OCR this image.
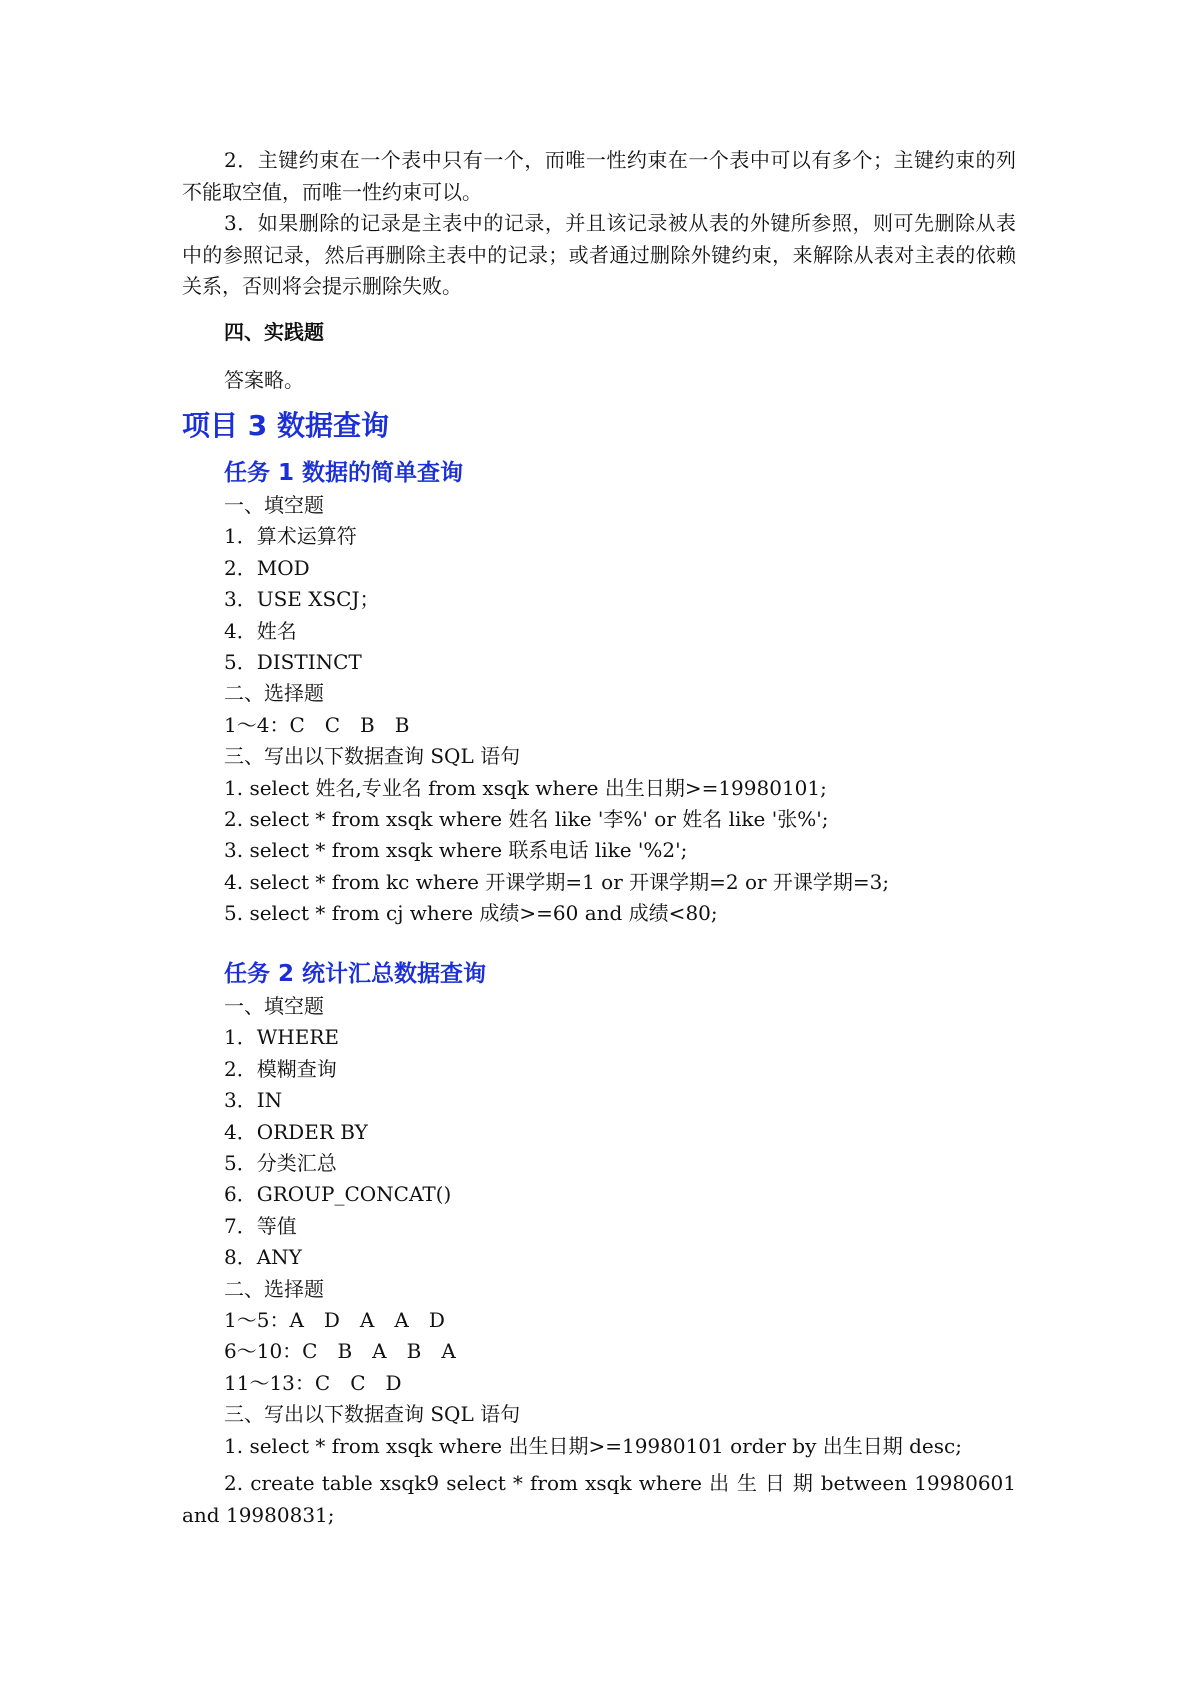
2．主键约束在一个表中只有一个，而唯一性约束在一个表中可以有多个；主键约束的列不能取空值，而唯一性约束可以。

3．如果删除的记录是主表中的记录，并且该记录被从表的外键所参照，则可先删除从表中的参照记录，然后再删除主表中的记录；或者通过删除外键约束，来解除从表对主表的依赖关系，否则将会提示删除失败。

四、实践题

答案略。

项目 3 数据查询
任务 1 数据的简单查询

一、填空题

1．算术运算符

2．MOD

3．USE XSCJ；

4．姓名

5．DISTINCT

二、选择题

1～4：C　C　B　B

三、写出以下数据查询 SQL 语句

1. select 姓名,专业名 from xsqk where 出生日期>=19980101;

2. select * from xsqk where 姓名 like '李%' or 姓名 like '张%';

3. select * from xsqk where 联系电话 like '%2';

4. select * from kc where 开课学期=1 or 开课学期=2 or 开课学期=3;

5. select * from cj where 成绩>=60 and 成绩<80;

任务 2 统计汇总数据查询

一、填空题

1．WHERE

2．模糊查询

3．IN

4．ORDER BY

5．分类汇总

6．GROUP_CONCAT()

7．等值

8．ANY

二、选择题

1～5：A　D　A　A　D

6～10：C　B　A　B　A

11～13：C　C　D

三、写出以下数据查询 SQL 语句

1. select * from xsqk where 出生日期>=19980101 order by 出生日期 desc;

2. create table xsqk9 select * from xsqk where 出 生 日 期 between 19980601 and 19980831;
